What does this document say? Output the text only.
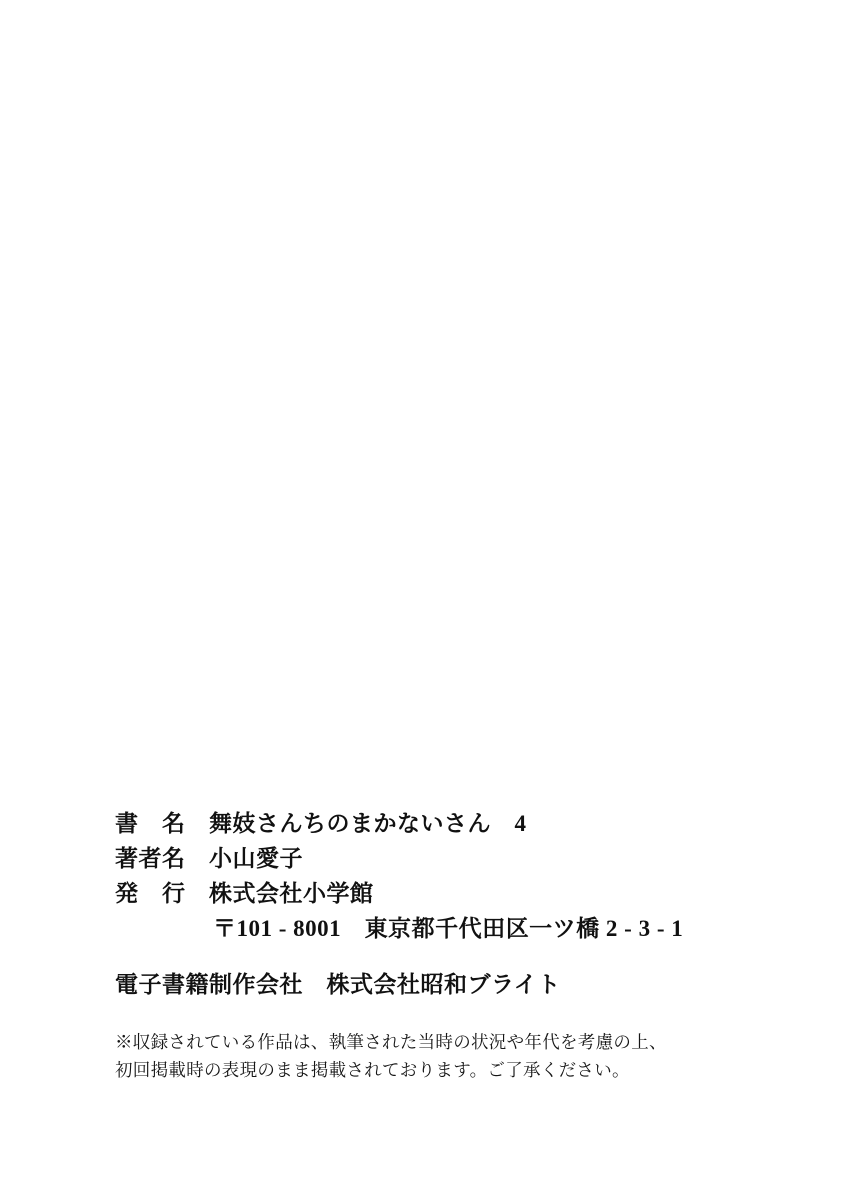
書　名　舞妓さんちのまかないさん　4
著者名　小山愛子
発　行　株式会社小学館
〒101 - 8001　東京都千代田区一ツ橋 2 - 3 - 1
電子書籍制作会社　株式会社昭和ブライト
※収録されている作品は、執筆された当時の状況や年代を考慮の上、
初回掲載時の表現のまま掲載されております。ご了承ください。
